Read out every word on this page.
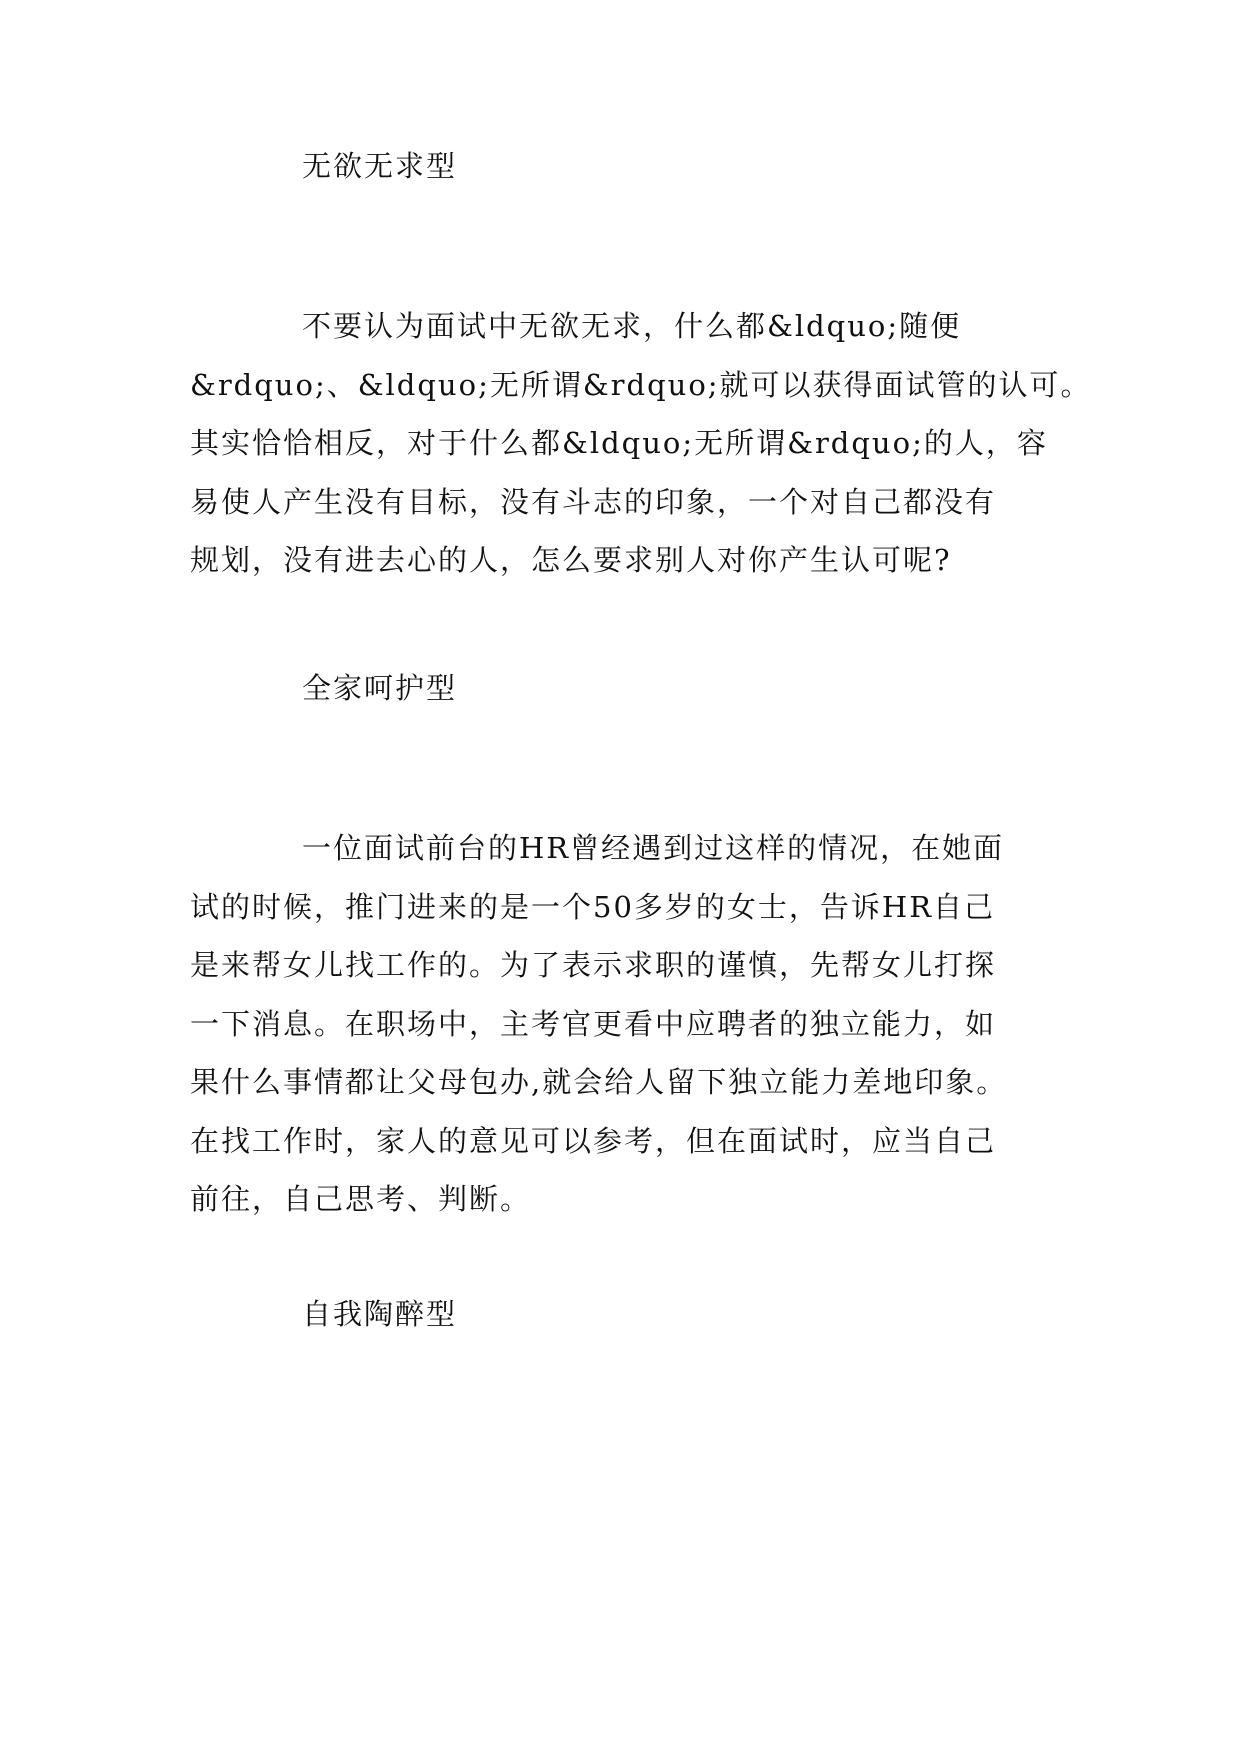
无欲无求型
不要认为面试中无欲无求，什么都&ldquo;随便
&rdquo;、&ldquo;无所谓&rdquo;就可以获得面试管的认可。
其实恰恰相反，对于什么都&ldquo;无所谓&rdquo;的人，容
易使人产生没有目标，没有斗志的印象，一个对自己都没有
规划，没有进去心的人，怎么要求别人对你产生认可呢?
全家呵护型
一位面试前台的HR曾经遇到过这样的情况，在她面
试的时候，推门进来的是一个50多岁的女士，告诉HR自己
是来帮女儿找工作的。为了表示求职的谨慎，先帮女儿打探
一下消息。在职场中，主考官更看中应聘者的独立能力，如
果什么事情都让父母包办,就会给人留下独立能力差地印象。
在找工作时，家人的意见可以参考，但在面试时，应当自己
前往，自己思考、判断。
自我陶醉型
